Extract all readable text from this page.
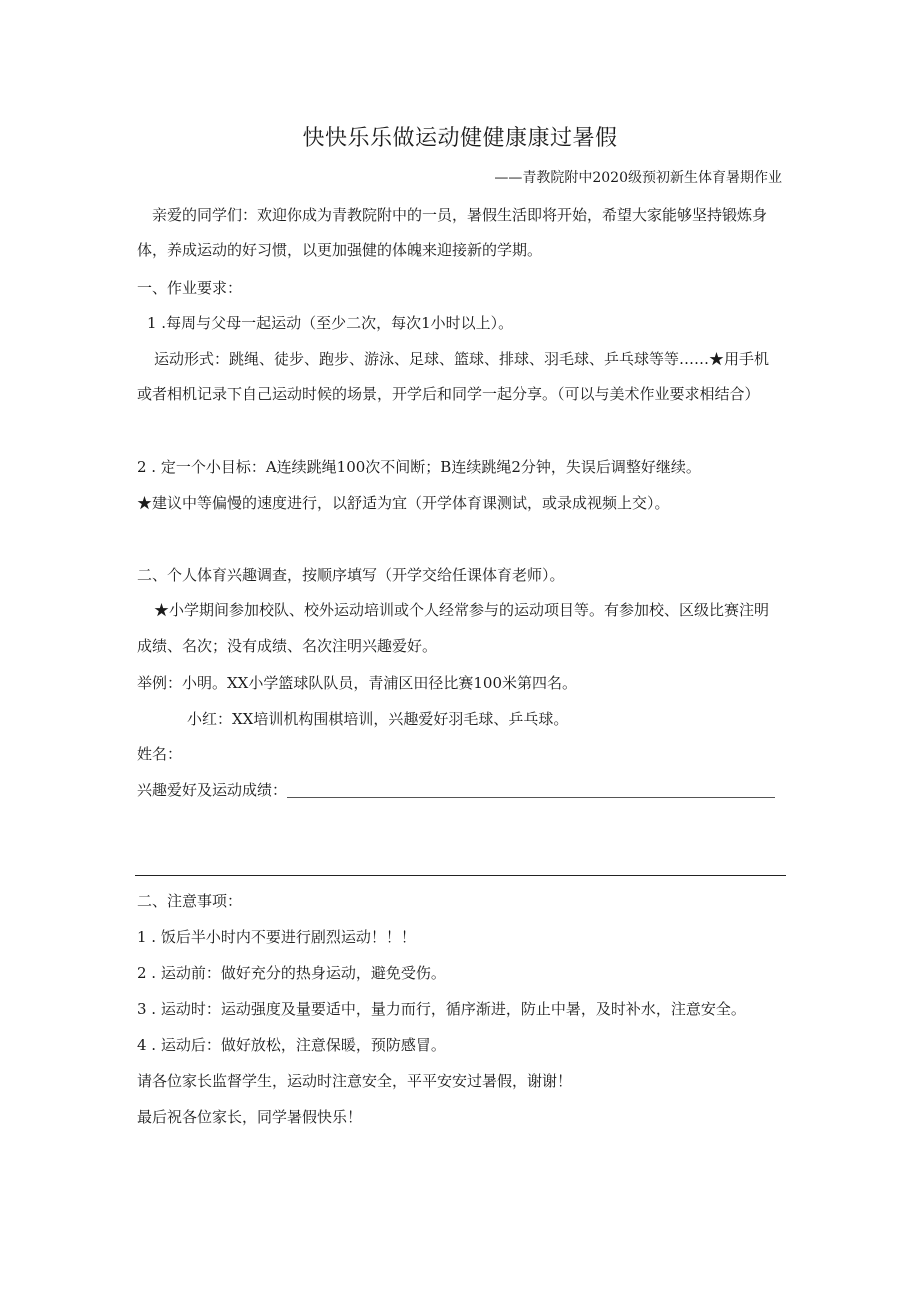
快快乐乐做运动健健康康过暑假
——青教院附中2020级预初新生体育暑期作业
亲爱的同学们：欢迎你成为青教院附中的一员，暑假生活即将开始，希望大家能够坚持锻炼身
体，养成运动的好习惯，以更加强健的体魄来迎接新的学期。
一、作业要求：
1 .每周与父母一起运动（至少二次，每次1小时以上）。
运动形式：跳绳、徒步、跑步、游泳、足球、篮球、排球、羽毛球、乒乓球等等……★用手机
或者相机记录下自己运动时候的场景，开学后和同学一起分享。（可以与美术作业要求相结合）
2 . 定一个小目标：A连续跳绳100次不间断；B连续跳绳2分钟，失误后调整好继续。
★建议中等偏慢的速度进行，以舒适为宜（开学体育课测试，或录成视频上交）。
二、个人体育兴趣调查，按顺序填写（开学交给任课体育老师）。
★小学期间参加校队、校外运动培训或个人经常参与的运动项目等。有参加校、区级比赛注明
成绩、名次；没有成绩、名次注明兴趣爱好。
举例：小明。XX小学篮球队队员，青浦区田径比赛100米第四名。
小红：XX培训机构围棋培训，兴趣爱好羽毛球、乒乓球。
姓名：
兴趣爱好及运动成绩：
二、注意事项：
1 . 饭后半小时内不要进行剧烈运动！！！
2 . 运动前：做好充分的热身运动，避免受伤。
3 . 运动时：运动强度及量要适中，量力而行，循序渐进，防止中暑，及时补水，注意安全。
4 . 运动后：做好放松，注意保暖，预防感冒。
请各位家长监督学生，运动时注意安全，平平安安过暑假，谢谢！
最后祝各位家长，同学暑假快乐！
